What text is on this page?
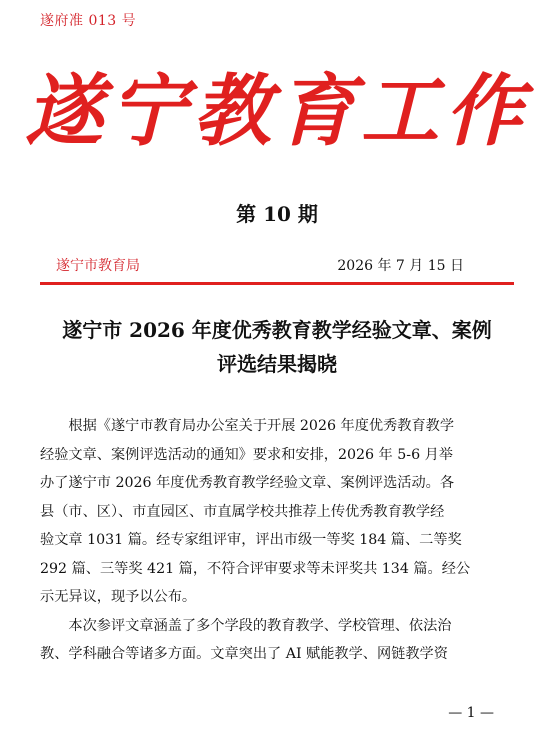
遂府准 013 号
遂宁教育工作
第 10 期
遂宁市教育局	2026 年 7 月 15 日
遂宁市 2026 年度优秀教育教学经验文章、案例
评选结果揭晓
根据《遂宁市教育局办公室关于开展 2026 年度优秀教育教学
经验文章、案例评选活动的通知》要求和安排，2026 年 5-6 月举
办了遂宁市 2026 年度优秀教育教学经验文章、案例评选活动。各
县（市、区）、市直园区、市直属学校共推荐上传优秀教育教学经
验文章 1031 篇。经专家组评审，评出市级一等奖 184 篇、二等奖
292 篇、三等奖 421 篇，不符合评审要求等未评奖共 134 篇。经公
示无异议，现予以公布。
本次参评文章涵盖了多个学段的教育教学、学校管理、依法治
教、学科融合等诸多方面。文章突出了 AI 赋能教学、网链教学资
— 1 —
